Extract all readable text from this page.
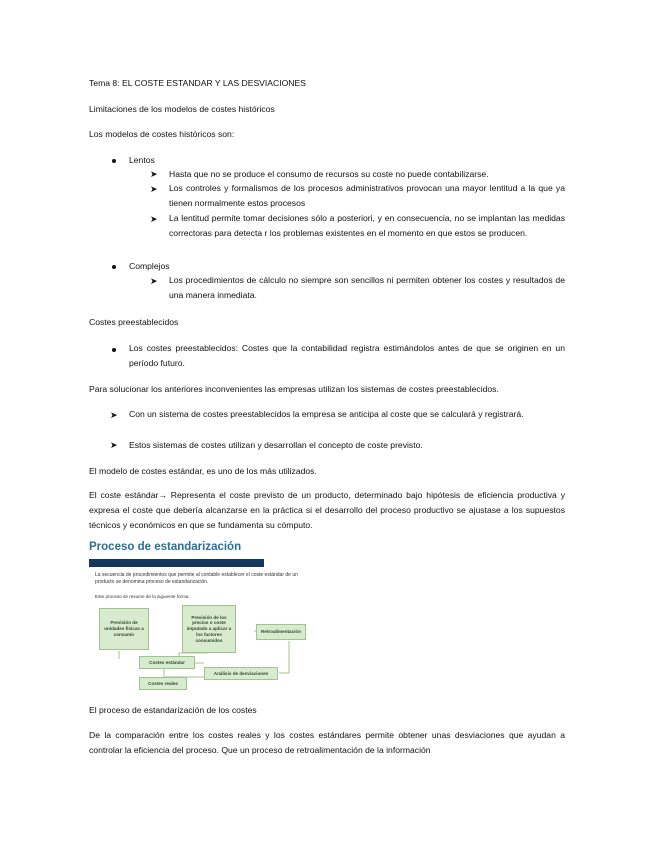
Tema 8: EL COSTE ESTANDAR Y LAS DESVIACIONES
Limitaciones de los modelos de costes históricos
Los modelos de costes históricos son:
Lentos
➤ Hasta que no se produce el consumo de recursos su coste no puede contabilizarse.
➤ Los controles y formalismos de los procesos administrativos provocan una mayor lentitud a la que ya tienen normalmente estos procesos
➤ La lentitud permite tomar decisiones sólo a posteriori, y en consecuencia, no se implantan las medidas correctoras para detecta r los problemas existentes en el momento en que estos se producen.
Complejos
➤ Los procedimientos de cálculo no siempre son sencillos ni permiten obtener los costes y resultados de una manera inmediata.
Costes preestablecidos
Los costes preestablecidos: Costes que la contabilidad registra estimándolos antes de que se originen en un período futuro.
Para solucionar los anteriores inconvenientes las empresas utilizan los sistemas de costes preestablecidos.
➤ Con un sistema de costes preestablecidos la empresa se anticipa al coste que se calculará y registrará.
➤ Estos sistemas de costes utilizan y desarrollan el concepto de coste previsto.
El modelo de costes estándar, es uno de los más utilizados.
El coste estándar→ Representa el coste previsto de un producto, determinado bajo hipótesis de eficiencia productiva y expresa el coste que debería alcanzarse en la práctica si el desarrollo del proceso productivo se ajustase a los supuestos técnicos y económicos en que se fundamenta su cómputo.
Proceso de estandarización
La secuencia de procedimientos que permite al contable establecer el coste estándar de un producto se denomina proceso de estandarización.
Este proceso se resume de la siguiente forma
Previsión de unidades físicas a consumir
Previsión de los precios o coste imputado a aplicar a los factores consumidos
Retroalimentación
Costes estándar
Análisis de desviaciones
Costes reales
El proceso de estandarización de los costes
De la comparación entre los costes reales y los costes estándares permite obtener unas desviaciones que ayudan a controlar la eficiencia del proceso. Que un proceso de retroalimentación de la información
